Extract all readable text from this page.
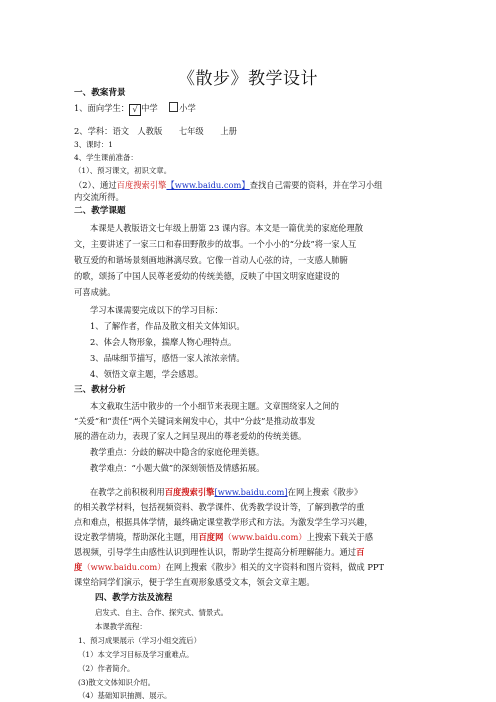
《散步》教学设计
一、教案背景
1、面向学生： √ 中学	小学
2、学科：语文　人教版　　七年级　　上册
3、课时：1
4、学生课前准备：
（1）、预习课文，初识文章。
（2）、通过百度搜索引擎【www.baidu.com】查找自己需要的资料，并在学习小组
内交流所得。
二、教学课题
本课是人教版语文七年级上册第 23 课内容。本文是一篇优美的家庭伦理散
文，主要讲述了一家三口和春田野散步的故事。一个小小的“分歧”将一家人互
敬互爱的和谐场景刻画地淋漓尽致。它像一首动人心弦的诗，一支感人肺腑
的歌，颂扬了中国人民尊老爱幼的传统美德，反映了中国文明家庭建设的
可喜成就。
学习本课需要完成以下的学习目标：
1、了解作者，作品及散文相关文体知识。
2、体会人物形象，揣摩人物心理特点。
3、品味细节描写，感悟一家人浓浓亲情。
4、领悟文章主题，学会感恩。
三、教材分析
本文截取生活中散步的一个小细节来表现主题。文章围绕家人之间的
“关爱”和“责任”两个关键词来阐发中心，其中“分歧”是推动故事发
展的潜在动力，表现了家人之间呈现出的尊老爱幼的传统美德。
教学重点：分歧的解决中隐含的家庭伦理美德。
教学难点：“小题大做”的深刻领悟及情感拓展。
在教学之前积极利用百度搜索引擎[www.baidu.com]在网上搜索《散步》
的相关教学材料，包括视频资料、教学课件、优秀教学设计等，了解到教学的重
点和难点，根据具体学情，最终确定课堂教学形式和方法。为激发学生学习兴趣，
设定教学情境，帮助深化主题，用百度网（www.baidu.com）上搜索下载关于感
恩视频，引导学生由感性认识到理性认识，帮助学生提高分析理解能力。通过百
度（www.baidu.com）在网上搜索《散步》相关的文字资料和图片资料，做成 PPT
课堂给同学们演示，便于学生直观形象感受文本，领会文章主题。
四、教学方法及流程
启发式、自主、合作、探究式、情景式。
本课教学流程：
1、预习成果展示（学习小组交流后）
（1）本文学习目标及学习重难点。
（2）作者简介。
(3)散文文体知识介绍。
（4）基础知识抽测、展示。
